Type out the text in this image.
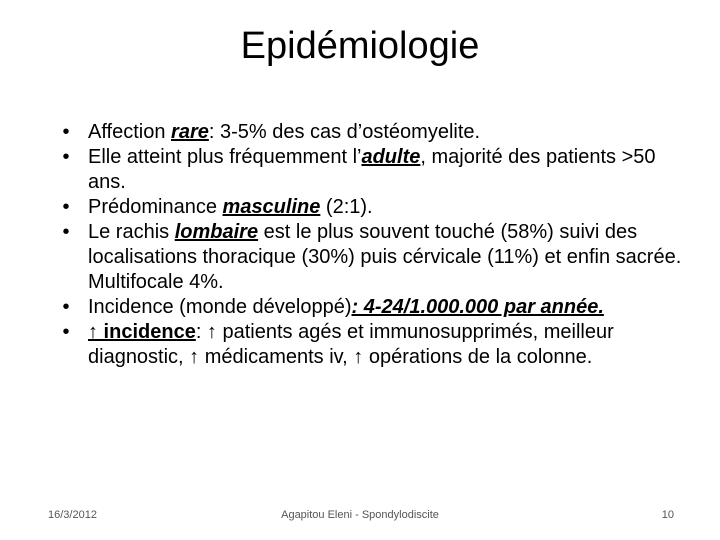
Epidémiologie
• Affection rare: 3-5% des cas d’ostéomyelite.
• Elle atteint plus fréquemment l’adulte, majorité des patients >50 ans.
• Prédominance masculine (2:1).
• Le rachis lombaire est le plus souvent touché (58%) suivi des localisations thoracique (30%) puis cérvicale (11%) et enfin sacrée. Multifocale 4%.
• Incidence (monde développé): 4-24/1.000.000 par année.
• ↑ incidence: ↑ patients agés et immunosupprimés, meilleur diagnostic, ↑ médicaments iv, ↑ opérations de la colonne.
16/3/2012	Agapitou Eleni - Spondylodiscite	10
